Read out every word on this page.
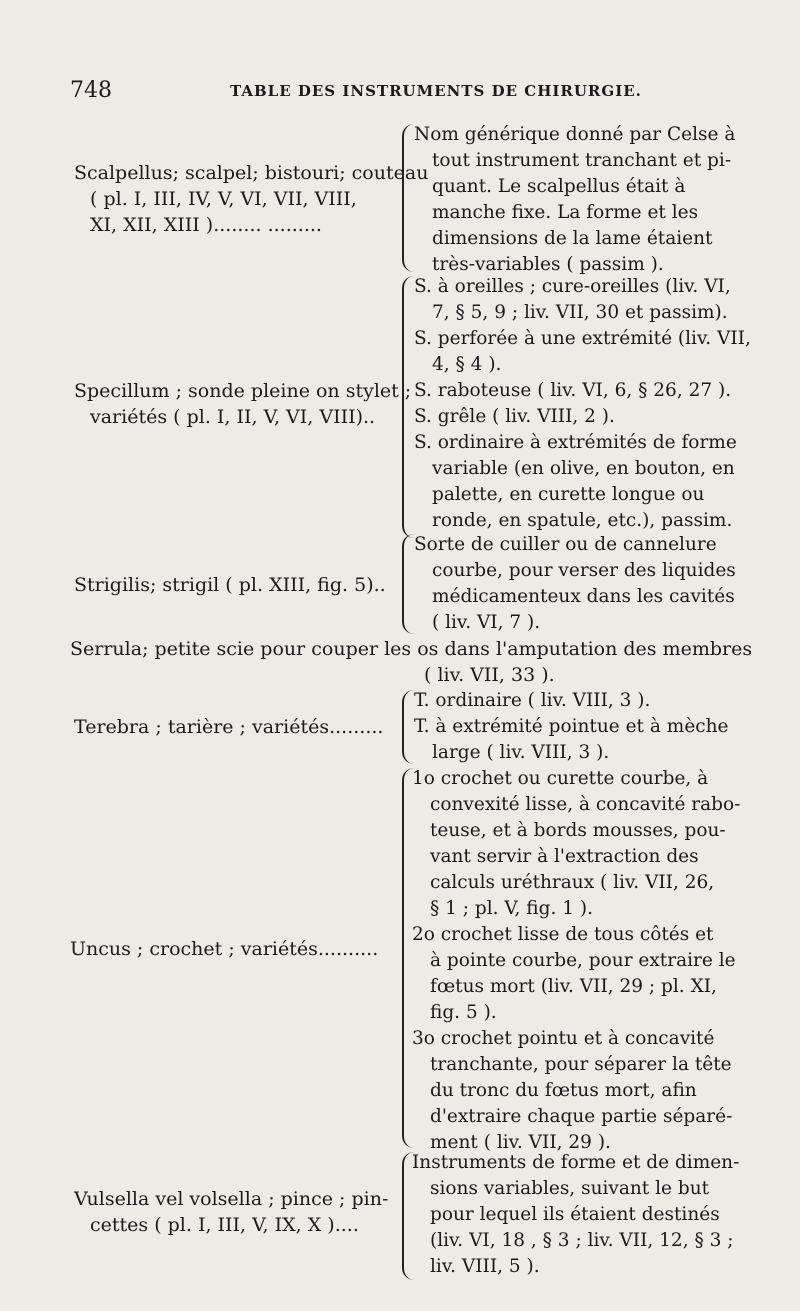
748	TABLE DES INSTRUMENTS DE CHIRURGIE.
Scalpellus; scalpel; bistouri; couteau
( pl. I, III, IV, V, VI, VII, VIII,
XI, XII, XIII )........ .........
Nom générique donné par Celse à
tout instrument tranchant et pi-
quant. Le scalpellus était à
manche fixe. La forme et les
dimensions de la lame étaient
très-variables ( passim ).
Specillum ; sonde pleine on stylet ;
variétés ( pl. I, II, V, VI, VIII)..
S. à oreilles ; cure-oreilles (liv. VI,
7, § 5, 9 ; liv. VII, 30 et passim).
S. perforée à une extrémité (liv. VII,
4, § 4 ).
S. raboteuse ( liv. VI, 6, § 26, 27 ).
S. grêle ( liv. VIII, 2 ).
S. ordinaire à extrémités de forme
variable (en olive, en bouton, en
palette, en curette longue ou
ronde, en spatule, etc.), passim.
Strigilis; strigil ( pl. XIII, fig. 5)..
Sorte de cuiller ou de cannelure
courbe, pour verser des liquides
médicamenteux dans les cavités
( liv. VI, 7 ).
Serrula; petite scie pour couper les os dans l'amputation des membres
( liv. VII, 33 ).
Terebra ; tarière ; variétés.........
T. ordinaire ( liv. VIII, 3 ).
T. à extrémité pointue et à mèche
large ( liv. VIII, 3 ).
Uncus ; crochet ; variétés..........
1o crochet ou curette courbe, à
convexité lisse, à concavité rabo-
teuse, et à bords mousses, pou-
vant servir à l'extraction des
calculs uréthraux ( liv. VII, 26,
§ 1 ; pl. V, fig. 1 ).
2o crochet lisse de tous côtés et
à pointe courbe, pour extraire le
fœtus mort (liv. VII, 29 ; pl. XI,
fig. 5 ).
3o crochet pointu et à concavité
tranchante, pour séparer la tête
du tronc du fœtus mort, afin
d'extraire chaque partie séparé-
ment ( liv. VII, 29 ).
Vulsella vel volsella ; pince ; pin-
cettes ( pl. I, III, V, IX, X )....
Instruments de forme et de dimen-
sions variables, suivant le but
pour lequel ils étaient destinés
(liv. VI, 18 , § 3 ; liv. VII, 12, § 3 ;
liv. VIII, 5 ).
